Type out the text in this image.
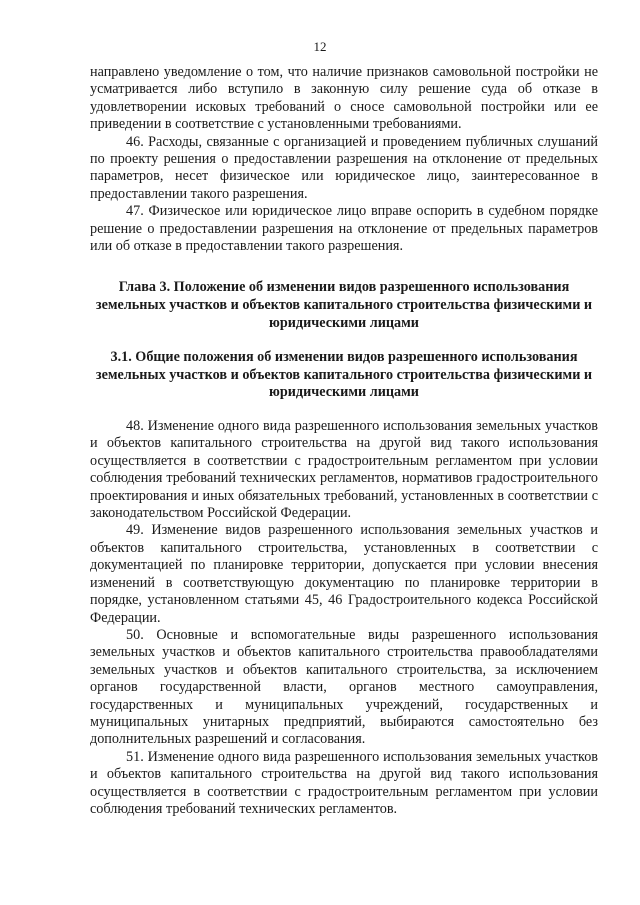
12

направлено уведомление о том, что наличие признаков самовольной постройки не усматривается либо вступило в законную силу решение суда об отказе в удовлетворении исковых требований о сносе самовольной постройки или ее приведении в соответствие с установленными требованиями.

46. Расходы, связанные с организацией и проведением публичных слушаний по проекту решения о предоставлении разрешения на отклонение от предельных параметров, несет физическое или юридическое лицо, заинтересованное в предоставлении такого разрешения.

47. Физическое или юридическое лицо вправе оспорить в судебном порядке решение о предоставлении разрешения на отклонение от предельных параметров или об отказе в предоставлении такого разрешения.

Глава 3. Положение об изменении видов разрешенного использования земельных участков и объектов капитального строительства физическими и юридическими лицами

3.1. Общие положения об изменении видов разрешенного использования земельных участков и объектов капитального строительства физическими и юридическими лицами

48. Изменение одного вида разрешенного использования земельных участков и объектов капитального строительства на другой вид такого использования осуществляется в соответствии с градостроительным регламентом при условии соблюдения требований технических регламентов, нормативов градостроительного проектирования и иных обязательных требований, установленных в соответствии с законодательством Российской Федерации.

49. Изменение видов разрешенного использования земельных участков и объектов капитального строительства, установленных в соответствии с документацией по планировке территории, допускается при условии внесения изменений в соответствующую документацию по планировке территории в порядке, установленном статьями 45, 46 Градостроительного кодекса Российской Федерации.

50. Основные и вспомогательные виды разрешенного использования земельных участков и объектов капитального строительства правообладателями земельных участков и объектов капитального строительства, за исключением органов государственной власти, органов местного самоуправления, государственных и муниципальных учреждений, государственных и муниципальных унитарных предприятий, выбираются самостоятельно без дополнительных разрешений и согласования.

51. Изменение одного вида разрешенного использования земельных участков и объектов капитального строительства на другой вид такого использования осуществляется в соответствии с градостроительным регламентом при условии соблюдения требований технических регламентов.
